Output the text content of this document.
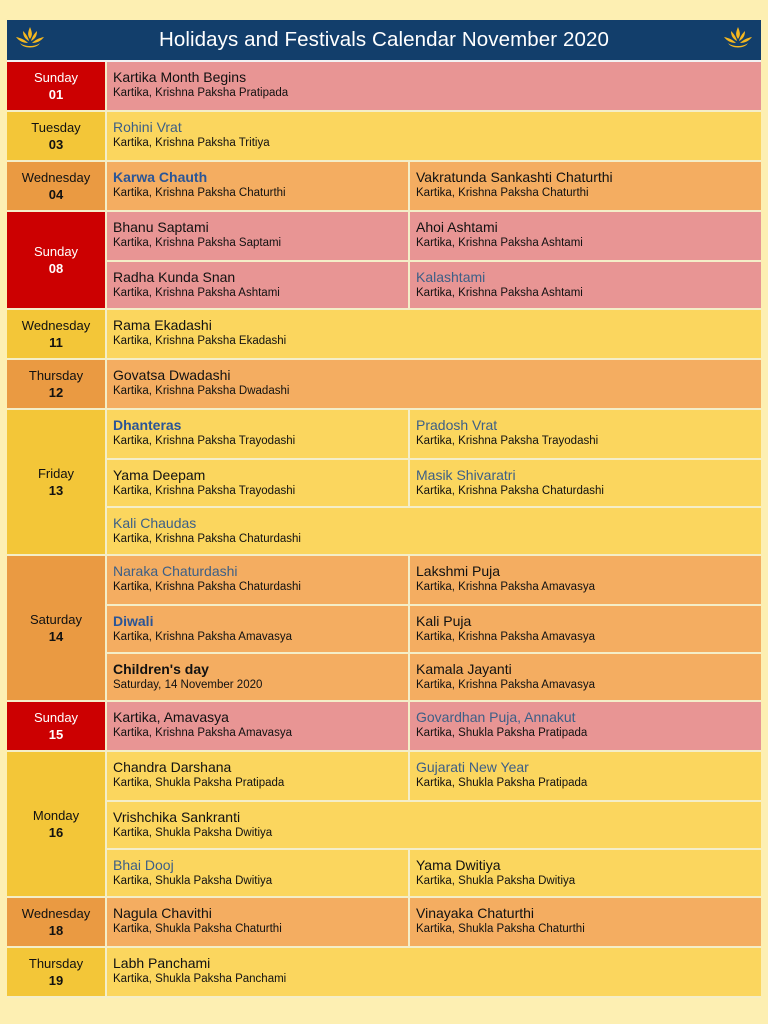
Holidays and Festivals Calendar November 2020
Sunday
01
Kartika Month Begins
Kartika, Krishna Paksha Pratipada
Tuesday
03
Rohini Vrat
Kartika, Krishna Paksha Tritiya
Wednesday
04
Karwa Chauth
Kartika, Krishna Paksha Chaturthi
Vakratunda Sankashti Chaturthi
Kartika, Krishna Paksha Chaturthi
Sunday
08
Bhanu Saptami
Kartika, Krishna Paksha Saptami
Ahoi Ashtami
Kartika, Krishna Paksha Ashtami
Radha Kunda Snan
Kartika, Krishna Paksha Ashtami
Kalashtami
Kartika, Krishna Paksha Ashtami
Wednesday
11
Rama Ekadashi
Kartika, Krishna Paksha Ekadashi
Thursday
12
Govatsa Dwadashi
Kartika, Krishna Paksha Dwadashi
Friday
13
Dhanteras
Kartika, Krishna Paksha Trayodashi
Pradosh Vrat
Kartika, Krishna Paksha Trayodashi
Yama Deepam
Kartika, Krishna Paksha Trayodashi
Masik Shivaratri
Kartika, Krishna Paksha Chaturdashi
Kali Chaudas
Kartika, Krishna Paksha Chaturdashi
Saturday
14
Naraka Chaturdashi
Kartika, Krishna Paksha Chaturdashi
Lakshmi Puja
Kartika, Krishna Paksha Amavasya
Diwali
Kartika, Krishna Paksha Amavasya
Kali Puja
Kartika, Krishna Paksha Amavasya
Children's day
Saturday, 14 November 2020
Kamala Jayanti
Kartika, Krishna Paksha Amavasya
Sunday
15
Kartika, Amavasya
Kartika, Krishna Paksha Amavasya
Govardhan Puja, Annakut
Kartika, Shukla Paksha Pratipada
Monday
16
Chandra Darshana
Kartika, Shukla Paksha Pratipada
Gujarati New Year
Kartika, Shukla Paksha Pratipada
Vrishchika Sankranti
Kartika, Shukla Paksha Dwitiya
Bhai Dooj
Kartika, Shukla Paksha Dwitiya
Yama Dwitiya
Kartika, Shukla Paksha Dwitiya
Wednesday
18
Nagula Chavithi
Kartika, Shukla Paksha Chaturthi
Vinayaka Chaturthi
Kartika, Shukla Paksha Chaturthi
Thursday
19
Labh Panchami
Kartika, Shukla Paksha Panchami
